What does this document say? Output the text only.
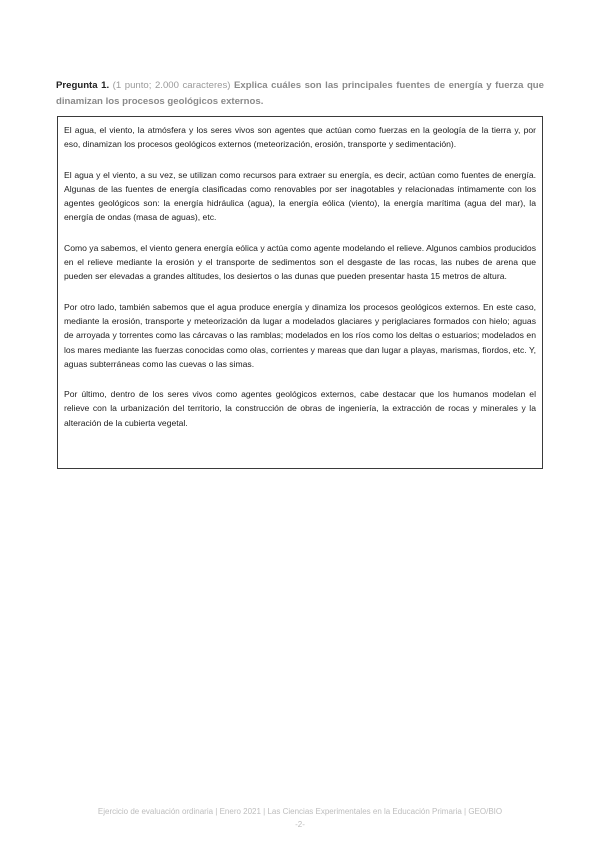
Pregunta 1. (1 punto; 2.000 caracteres) Explica cuáles son las principales fuentes de energía y fuerza que dinamizan los procesos geológicos externos.

El agua, el viento, la atmósfera y los seres vivos son agentes que actúan como fuerzas en la geología de la tierra y, por eso, dinamizan los procesos geológicos externos (meteorización, erosión, transporte y sedimentación).

El agua y el viento, a su vez, se utilizan como recursos para extraer su energía, es decir, actúan como fuentes de energía. Algunas de las fuentes de energía clasificadas como renovables por ser inagotables y relacionadas íntimamente con los agentes geológicos son: la energía hidráulica (agua), la energía eólica (viento), la energía marítima (agua del mar), la energía de ondas (masa de aguas), etc.

Como ya sabemos, el viento genera energía eólica y actúa como agente modelando el relieve. Algunos cambios producidos en el relieve mediante la erosión y el transporte de sedimentos son el desgaste de las rocas, las nubes de arena que pueden ser elevadas a grandes altitudes, los desiertos o las dunas que pueden presentar hasta 15 metros de altura.

Por otro lado, también sabemos que el agua produce energía y dinamiza los procesos geológicos externos. En este caso, mediante la erosión, transporte y meteorización da lugar a modelados glaciares y periglaciares formados con hielo; aguas de arroyada y torrentes como las cárcavas o las ramblas; modelados en los ríos como los deltas o estuarios; modelados en los mares mediante las fuerzas conocidas como olas, corrientes y mareas que dan lugar a playas, marismas, fiordos, etc. Y, aguas subterráneas como las cuevas o las simas.

Por último, dentro de los seres vivos como agentes geológicos externos, cabe destacar que los humanos modelan el relieve con la urbanización del territorio, la construcción de obras de ingeniería, la extracción de rocas y minerales y la alteración de la cubierta vegetal.

Ejercicio de evaluación ordinaria | Enero 2021 | Las Ciencias Experimentales en la Educación Primaria | GEO/BIO
-2-
